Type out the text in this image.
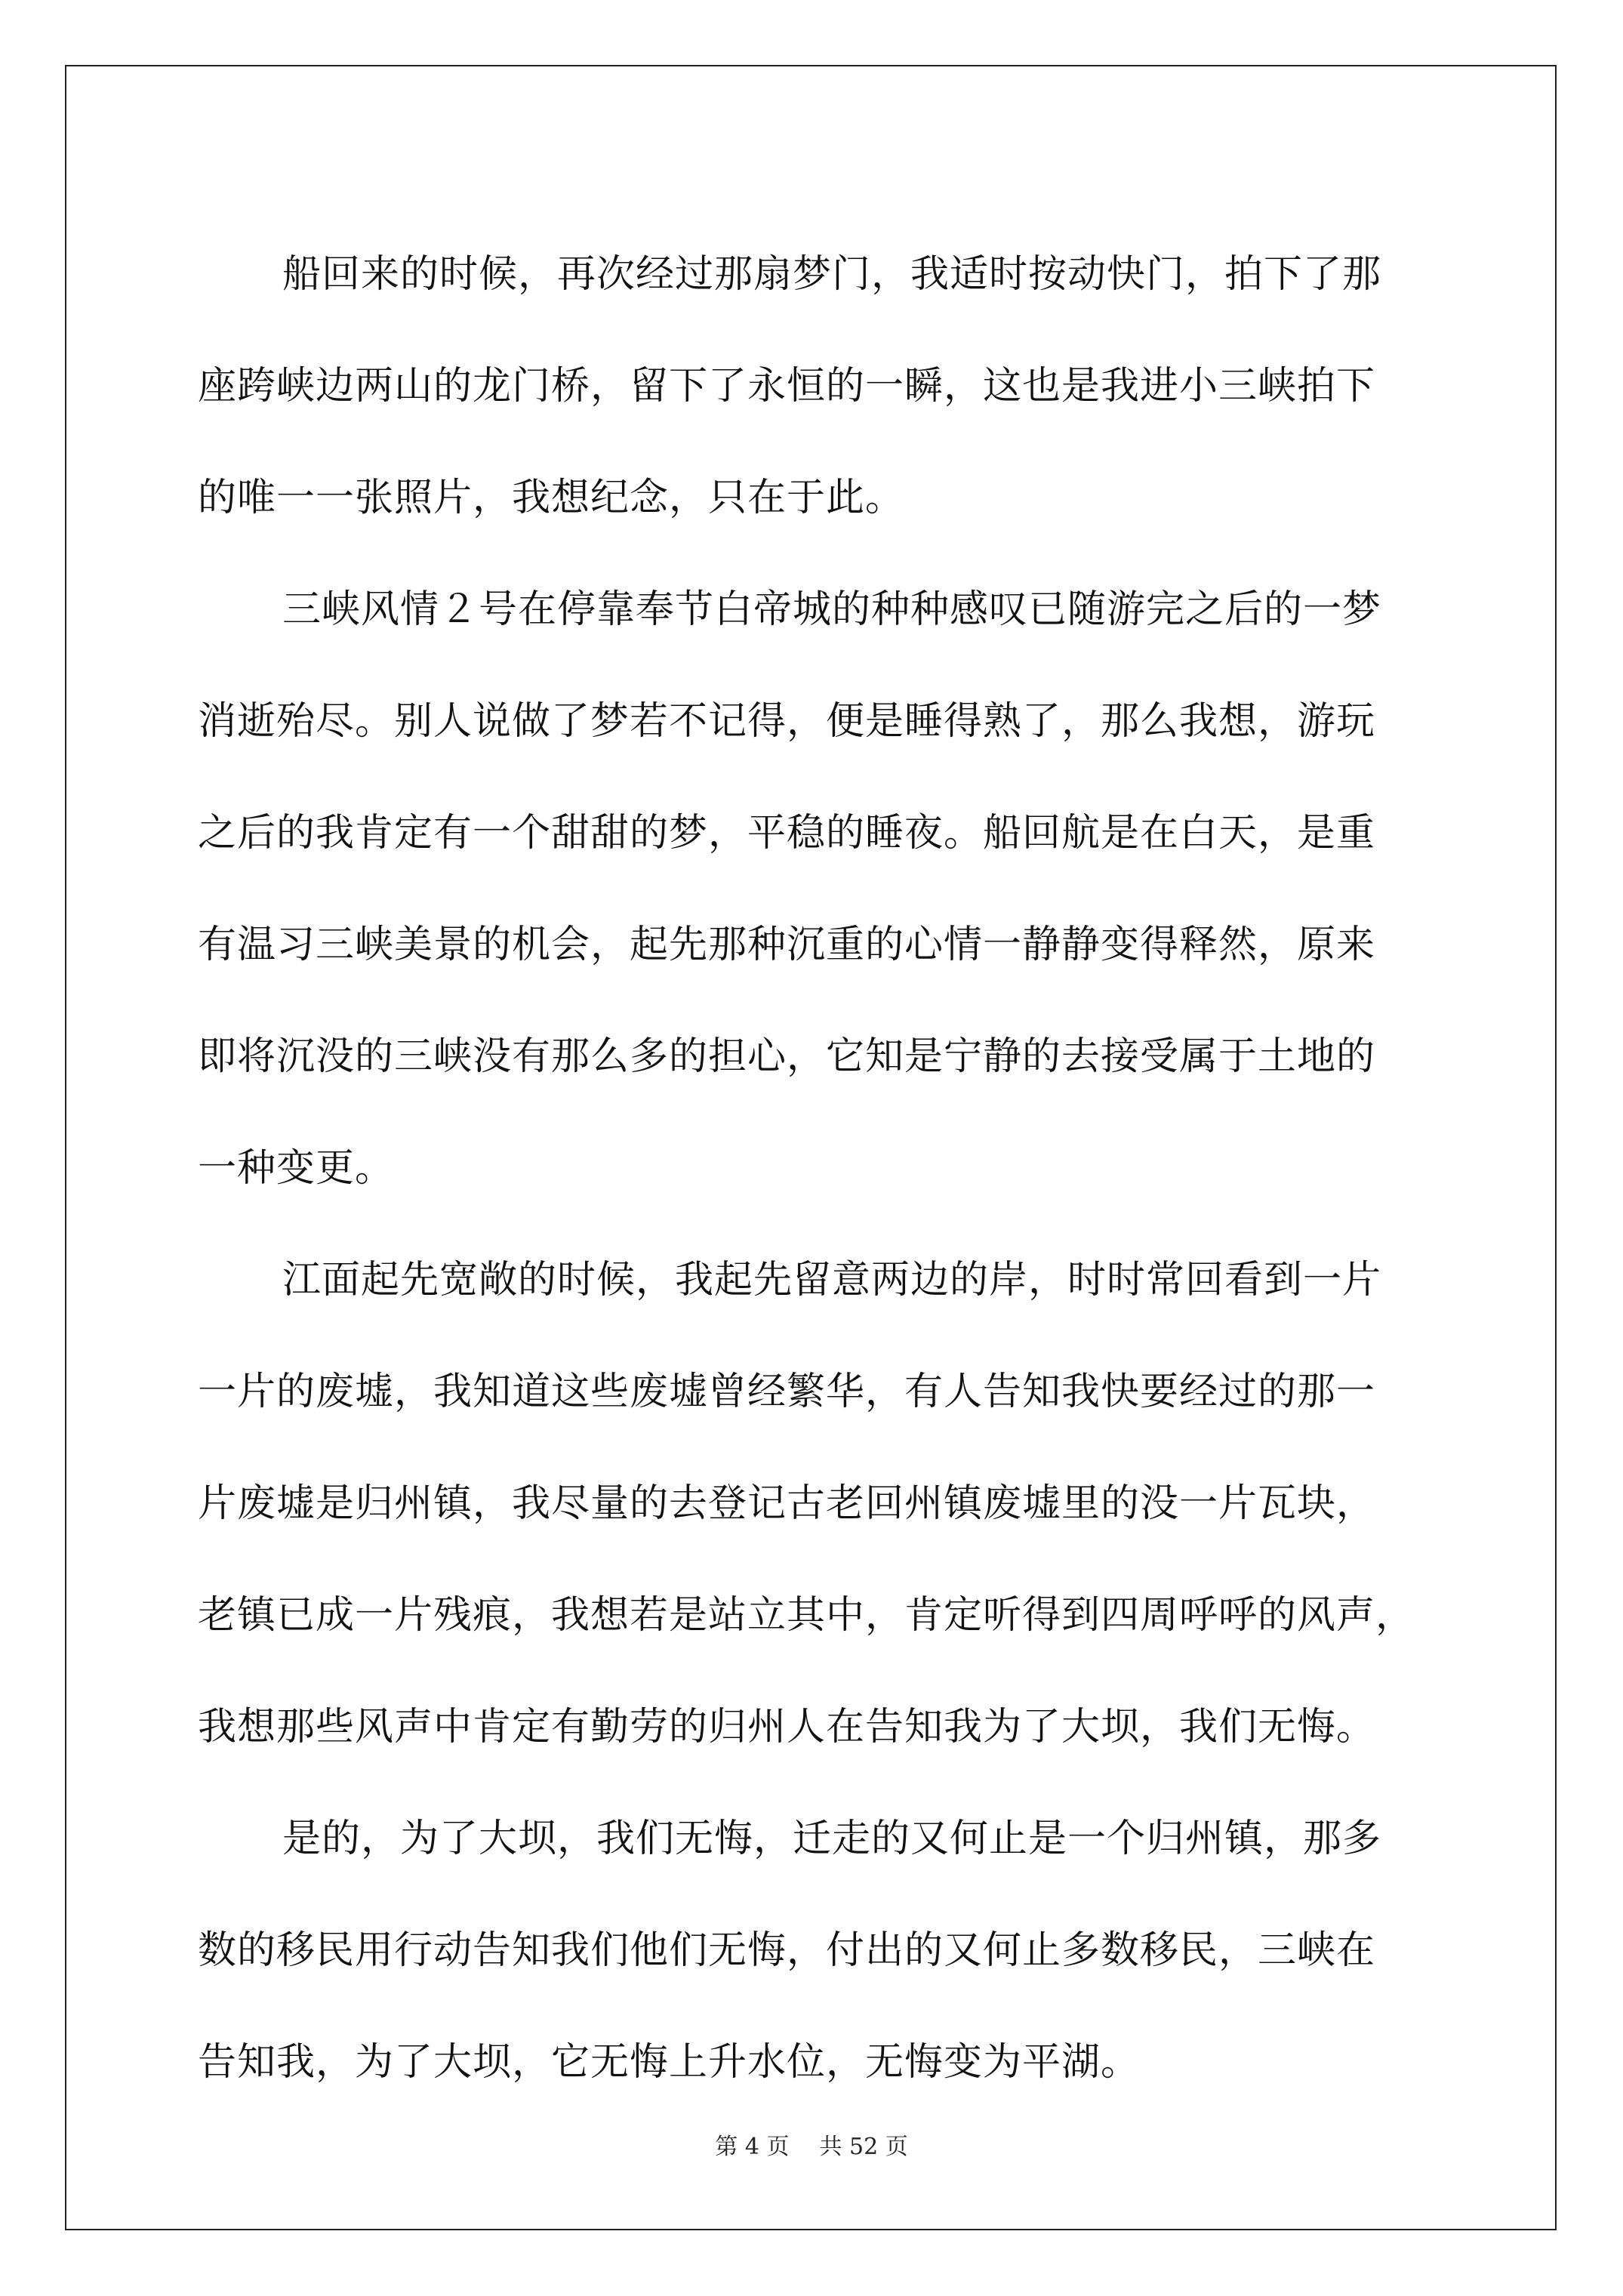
船回来的时候，再次经过那扇梦门，我适时按动快门，拍下了那
座跨峡边两山的龙门桥，留下了永恒的一瞬，这也是我进小三峡拍下
的唯一一张照片，我想纪念，只在于此。

三峡风情２号在停靠奉节白帝城的种种感叹已随游完之后的一梦
消逝殆尽。别人说做了梦若不记得，便是睡得熟了，那么我想，游玩
之后的我肯定有一个甜甜的梦，平稳的睡夜。船回航是在白天，是重
有温习三峡美景的机会，起先那种沉重的心情一静静变得释然，原来
即将沉没的三峡没有那么多的担心，它知是宁静的去接受属于土地的
一种变更。

江面起先宽敞的时候，我起先留意两边的岸，时时常回看到一片
一片的废墟，我知道这些废墟曾经繁华，有人告知我快要经过的那一
片废墟是归州镇，我尽量的去登记古老回州镇废墟里的没一片瓦块，
老镇已成一片残痕，我想若是站立其中，肯定听得到四周呼呼的风声，
我想那些风声中肯定有勤劳的归州人在告知我为了大坝，我们无悔。

是的，为了大坝，我们无悔，迁走的又何止是一个归州镇，那多
数的移民用行动告知我们他们无悔，付出的又何止多数移民，三峡在
告知我，为了大坝，它无悔上升水位，无悔变为平湖。

第 4 页 共 52 页
